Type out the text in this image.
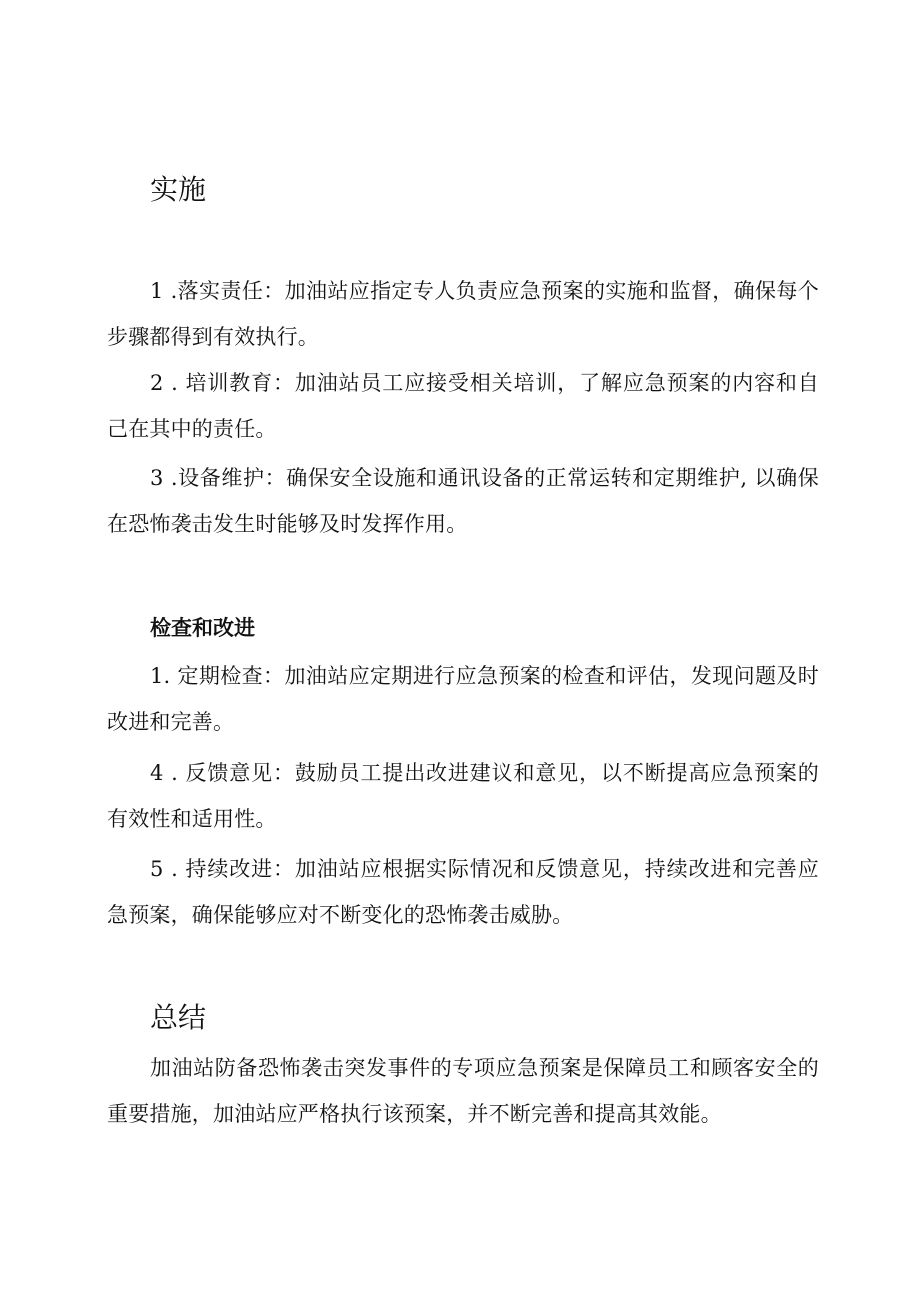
实施

1 .落实责任：加油站应指定专人负责应急预案的实施和监督，确保每个步骤都得到有效执行。

2 . 培训教育：加油站员工应接受相关培训，了解应急预案的内容和自己在其中的责任。

3 .设备维护：确保安全设施和通讯设备的正常运转和定期维护, 以确保在恐怖袭击发生时能够及时发挥作用。

检查和改进

1. 定期检查：加油站应定期进行应急预案的检查和评估，发现问题及时改进和完善。

4 . 反馈意见：鼓励员工提出改进建议和意见，以不断提高应急预案的有效性和适用性。

5 . 持续改进：加油站应根据实际情况和反馈意见，持续改进和完善应急预案，确保能够应对不断变化的恐怖袭击威胁。

总结

加油站防备恐怖袭击突发事件的专项应急预案是保障员工和顾客安全的重要措施，加油站应严格执行该预案，并不断完善和提高其效能。
